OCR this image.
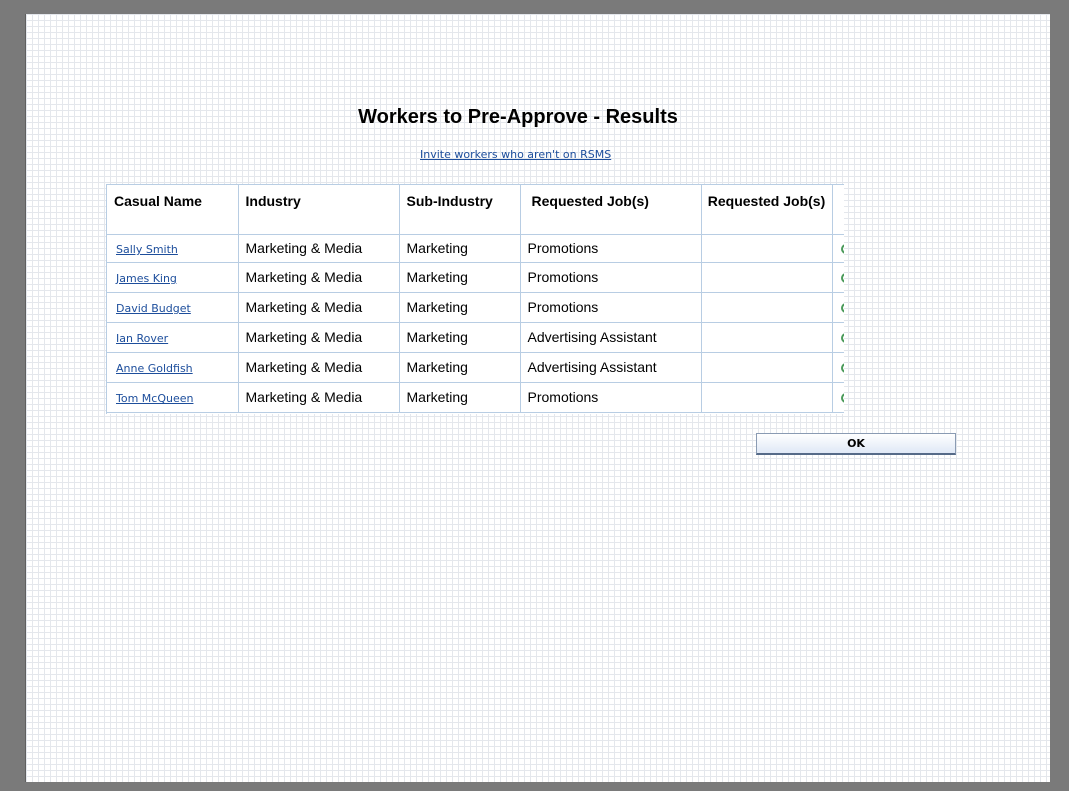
Workers to Pre-Approve - Results
Invite workers who aren't on RSMS
Casual Name	Industry	Sub-Industry	Requested Job(s)	Requested Job(s)	
Sally Smith	Marketing & Media	Marketing	Promotions		
James King	Marketing & Media	Marketing	Promotions		
David Budget	Marketing & Media	Marketing	Promotions		
Ian Rover	Marketing & Media	Marketing	Advertising Assistant		
Anne Goldfish	Marketing & Media	Marketing	Advertising Assistant		
Tom McQueen	Marketing & Media	Marketing	Promotions		
OK
